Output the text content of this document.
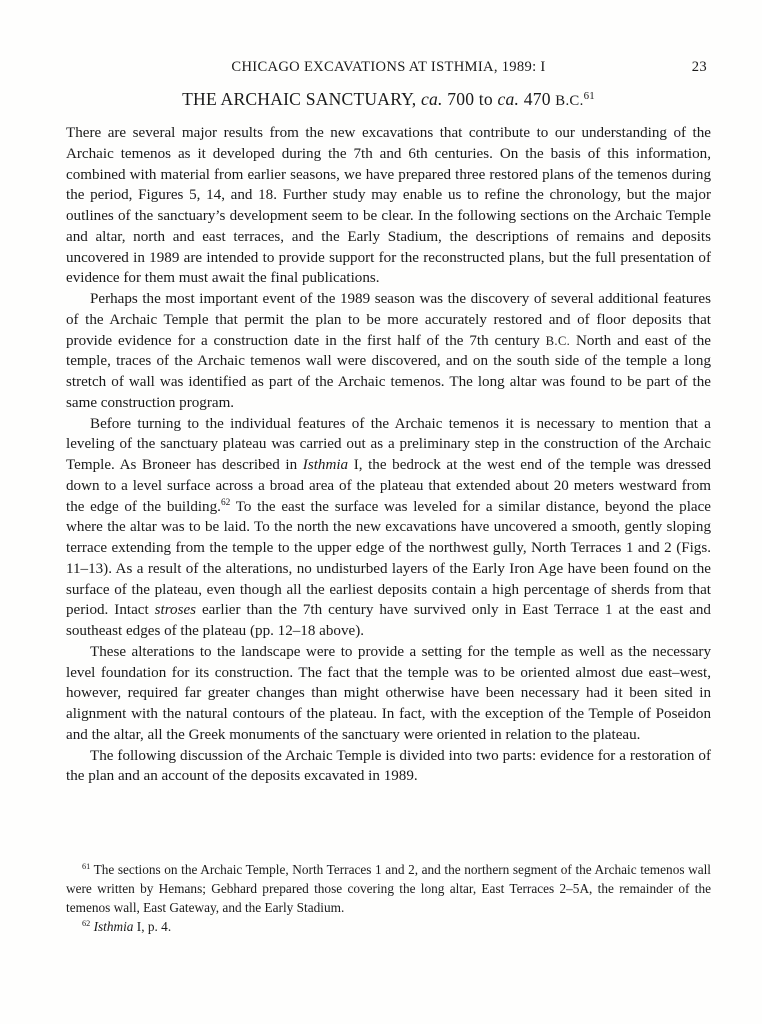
CHICAGO EXCAVATIONS AT ISTHMIA, 1989: I	23
THE ARCHAIC SANCTUARY, ca. 700 to ca. 470 B.C.$^{61}$

There are several major results from the new excavations that contribute to our understanding of the Archaic temenos as it developed during the 7th and 6th centuries. On the basis of this information, combined with material from earlier seasons, we have prepared three restored plans of the temenos during the period, Figures 5, 14, and 18. Further study may enable us to refine the chronology, but the major outlines of the sanctuary’s development seem to be clear. In the following sections on the Archaic Temple and altar, north and east terraces, and the Early Stadium, the descriptions of remains and deposits uncovered in 1989 are intended to provide support for the reconstructed plans, but the full presentation of evidence for them must await the final publications.

Perhaps the most important event of the 1989 season was the discovery of several additional features of the Archaic Temple that permit the plan to be more accurately restored and of floor deposits that provide evidence for a construction date in the first half of the 7th century B.C. North and east of the temple, traces of the Archaic temenos wall were discovered, and on the south side of the temple a long stretch of wall was identified as part of the Archaic temenos. The long altar was found to be part of the same construction program.

Before turning to the individual features of the Archaic temenos it is necessary to mention that a leveling of the sanctuary plateau was carried out as a preliminary step in the construction of the Archaic Temple. As Broneer has described in Isthmia I, the bedrock at the west end of the temple was dressed down to a level surface across a broad area of the plateau that extended about 20 meters westward from the edge of the building.$^{62}$ To the east the surface was leveled for a similar distance, beyond the place where the altar was to be laid. To the north the new excavations have uncovered a smooth, gently sloping terrace extending from the temple to the upper edge of the northwest gully, North Terraces 1 and 2 (Figs. 11–13). As a result of the alterations, no undisturbed layers of the Early Iron Age have been found on the surface of the plateau, even though all the earliest deposits contain a high percentage of sherds from that period. Intact stroses earlier than the 7th century have survived only in East Terrace 1 at the east and southeast edges of the plateau (pp. 12–18 above).

These alterations to the landscape were to provide a setting for the temple as well as the necessary level foundation for its construction. The fact that the temple was to be oriented almost due east–west, however, required far greater changes than might otherwise have been necessary had it been sited in alignment with the natural contours of the plateau. In fact, with the exception of the Temple of Poseidon and the altar, all the Greek monuments of the sanctuary were oriented in relation to the plateau.

The following discussion of the Archaic Temple is divided into two parts: evidence for a restoration of the plan and an account of the deposits excavated in 1989.

$^{61}$ The sections on the Archaic Temple, North Terraces 1 and 2, and the northern segment of the Archaic temenos wall were written by Hemans; Gebhard prepared those covering the long altar, East Terraces 2–5A, the remainder of the temenos wall, East Gateway, and the Early Stadium.

$^{62}$ Isthmia I, p. 4.
